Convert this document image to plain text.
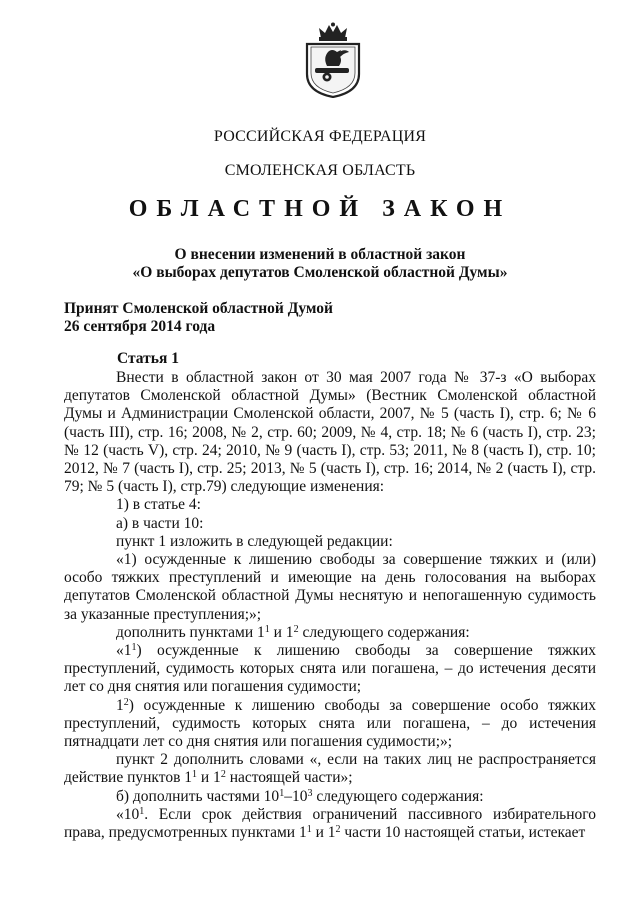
РОССИЙСКАЯ ФЕДЕРАЦИЯ
СМОЛЕНСКАЯ ОБЛАСТЬ
ОБЛАСТНОЙ ЗАКОН
О внесении изменений в областной закон
«О выборах депутатов Смоленской областной Думы»
Принят Смоленской областной Думой
26 сентября 2014 года
Статья 1

Внести в областной закон от 30 мая 2007 года № 37-з «О выборах депутатов Смоленской областной Думы» (Вестник Смоленской областной Думы и Администрации Смоленской области, 2007, № 5 (часть I), стр. 6; № 6 (часть III), стр. 16; 2008, № 2, стр. 60; 2009, № 4, стр. 18; № 6 (часть I), стр. 23; № 12 (часть V), стр. 24; 2010, № 9 (часть I), стр. 53; 2011, № 8 (часть I), стр. 10; 2012, № 7 (часть I), стр. 25; 2013, № 5 (часть I), стр. 16; 2014, № 2 (часть I), стр. 79; № 5 (часть I), стр.79) следующие изменения:

1) в статье 4:

а) в части 10:

пункт 1 изложить в следующей редакции:

«1) осужденные к лишению свободы за совершение тяжких и (или) особо тяжких преступлений и имеющие на день голосования на выборах депутатов Смоленской областной Думы неснятую и непогашенную судимость за указанные преступления;»;

дополнить пунктами $1^1$ и $1^2$ следующего содержания:

«$1^1$) осужденные к лишению свободы за совершение тяжких преступлений, судимость которых снята или погашена, – до истечения десяти лет со дня снятия или погашения судимости;

$1^2$) осужденные к лишению свободы за совершение особо тяжких преступлений, судимость которых снята или погашена, – до истечения пятнадцати лет со дня снятия или погашения судимости;»;

пункт 2 дополнить словами «, если на таких лиц не распространяется действие пунктов $1^1$ и $1^2$ настоящей части»;

б) дополнить частями $10^1-10^3$ следующего содержания:

«$10^1$. Если срок действия ограничений пассивного избирательного права, предусмотренных пунктами $1^1$ и $1^2$ части 10 настоящей статьи, истекает
